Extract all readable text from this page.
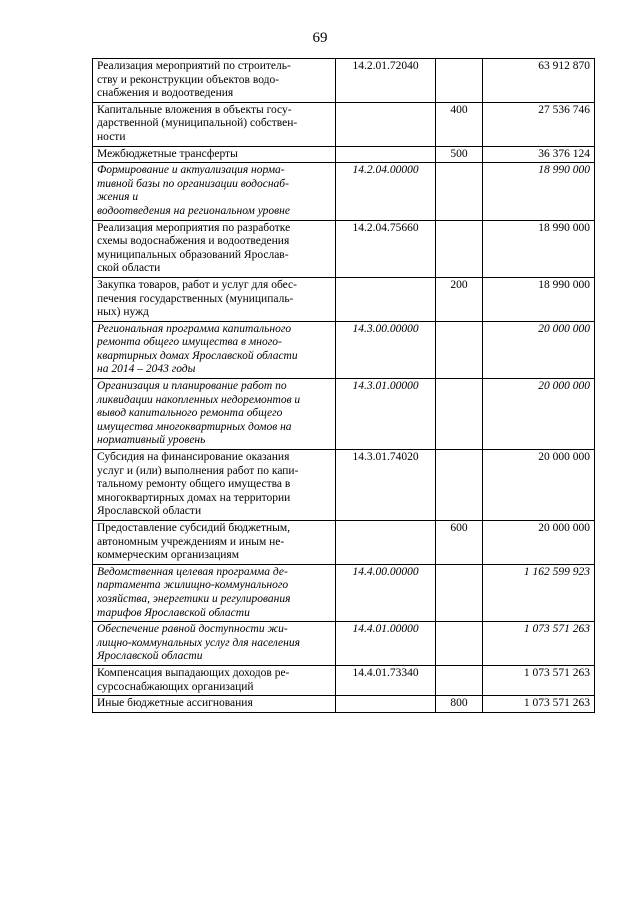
69
Реализация мероприятий по строитель-
ству и реконструкции объектов водо-
снабжения и водоотведения	14.2.01.72040		63 912 870
Капитальные вложения в объекты госу-
дарственной (муниципальной) собствен-
ности		400	27 536 746
Межбюджетные трансферты		500	36 376 124
Формирование и актуализация норма-
тивной базы по организации водоснаб-
жения и
водоотведения на региональном уровне	14.2.04.00000		18 990 000
Реализация мероприятия по разработке
схемы водоснабжения и водоотведения
муниципальных образований Ярослав-
ской области	14.2.04.75660		18 990 000
Закупка товаров, работ и услуг для обес-
печения государственных (муниципаль-
ных) нужд		200	18 990 000
Региональная программа капитального
ремонта общего имущества в много-
квартирных домах Ярославской области
на 2014 – 2043 годы	14.3.00.00000		20 000 000
Организация и планирование работ по
ликвидации накопленных недоремонтов и
вывод капитального ремонта общего
имущества многоквартирных домов на
нормативный уровень	14.3.01.00000		20 000 000
Субсидия на финансирование оказания
услуг и (или) выполнения работ по капи-
тальному ремонту общего имущества в
многоквартирных домах на территории
Ярославской области	14.3.01.74020		20 000 000
Предоставление субсидий бюджетным,
автономным учреждениям и иным не-
коммерческим организациям		600	20 000 000
Ведомственная целевая программа де-
партамента жилищно-коммунального
хозяйства, энергетики и регулирования
тарифов Ярославской области	14.4.00.00000		1 162 599 923
Обеспечение равной доступности жи-
лищно-коммунальных услуг для населения
Ярославской области	14.4.01.00000		1 073 571 263
Компенсация выпадающих доходов ре-
сурсоснабжающих организаций	14.4.01.73340		1 073 571 263
Иные бюджетные ассигнования		800	1 073 571 263
